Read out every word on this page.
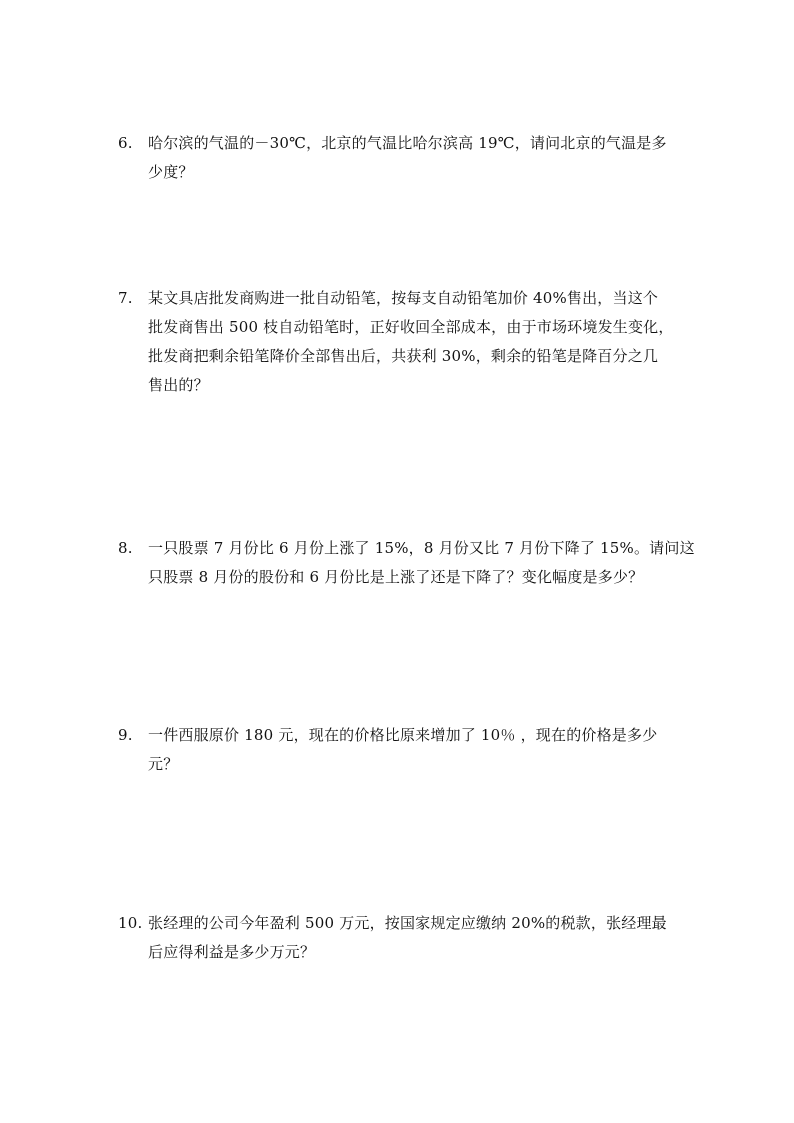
6.	哈尔滨的气温的－30℃，北京的气温比哈尔滨高 19℃，请问北京的气温是多
少度？
7.	某文具店批发商购进一批自动铅笔，按每支自动铅笔加价 40%售出，当这个
批发商售出 500 枝自动铅笔时，正好收回全部成本，由于市场环境发生变化，
批发商把剩余铅笔降价全部售出后，共获利 30%，剩余的铅笔是降百分之几
售出的？
8.	一只股票 7 月份比 6 月份上涨了 15%，8 月份又比 7 月份下降了 15%。请问这
只股票 8 月份的股份和 6 月份比是上涨了还是下降了？变化幅度是多少？
9.	一件西服原价 180 元，现在的价格比原来增加了 10％ ，现在的价格是多少
元？
10. 张经理的公司今年盈利 500 万元，按国家规定应缴纳 20%的税款，张经理最
后应得利益是多少万元？
